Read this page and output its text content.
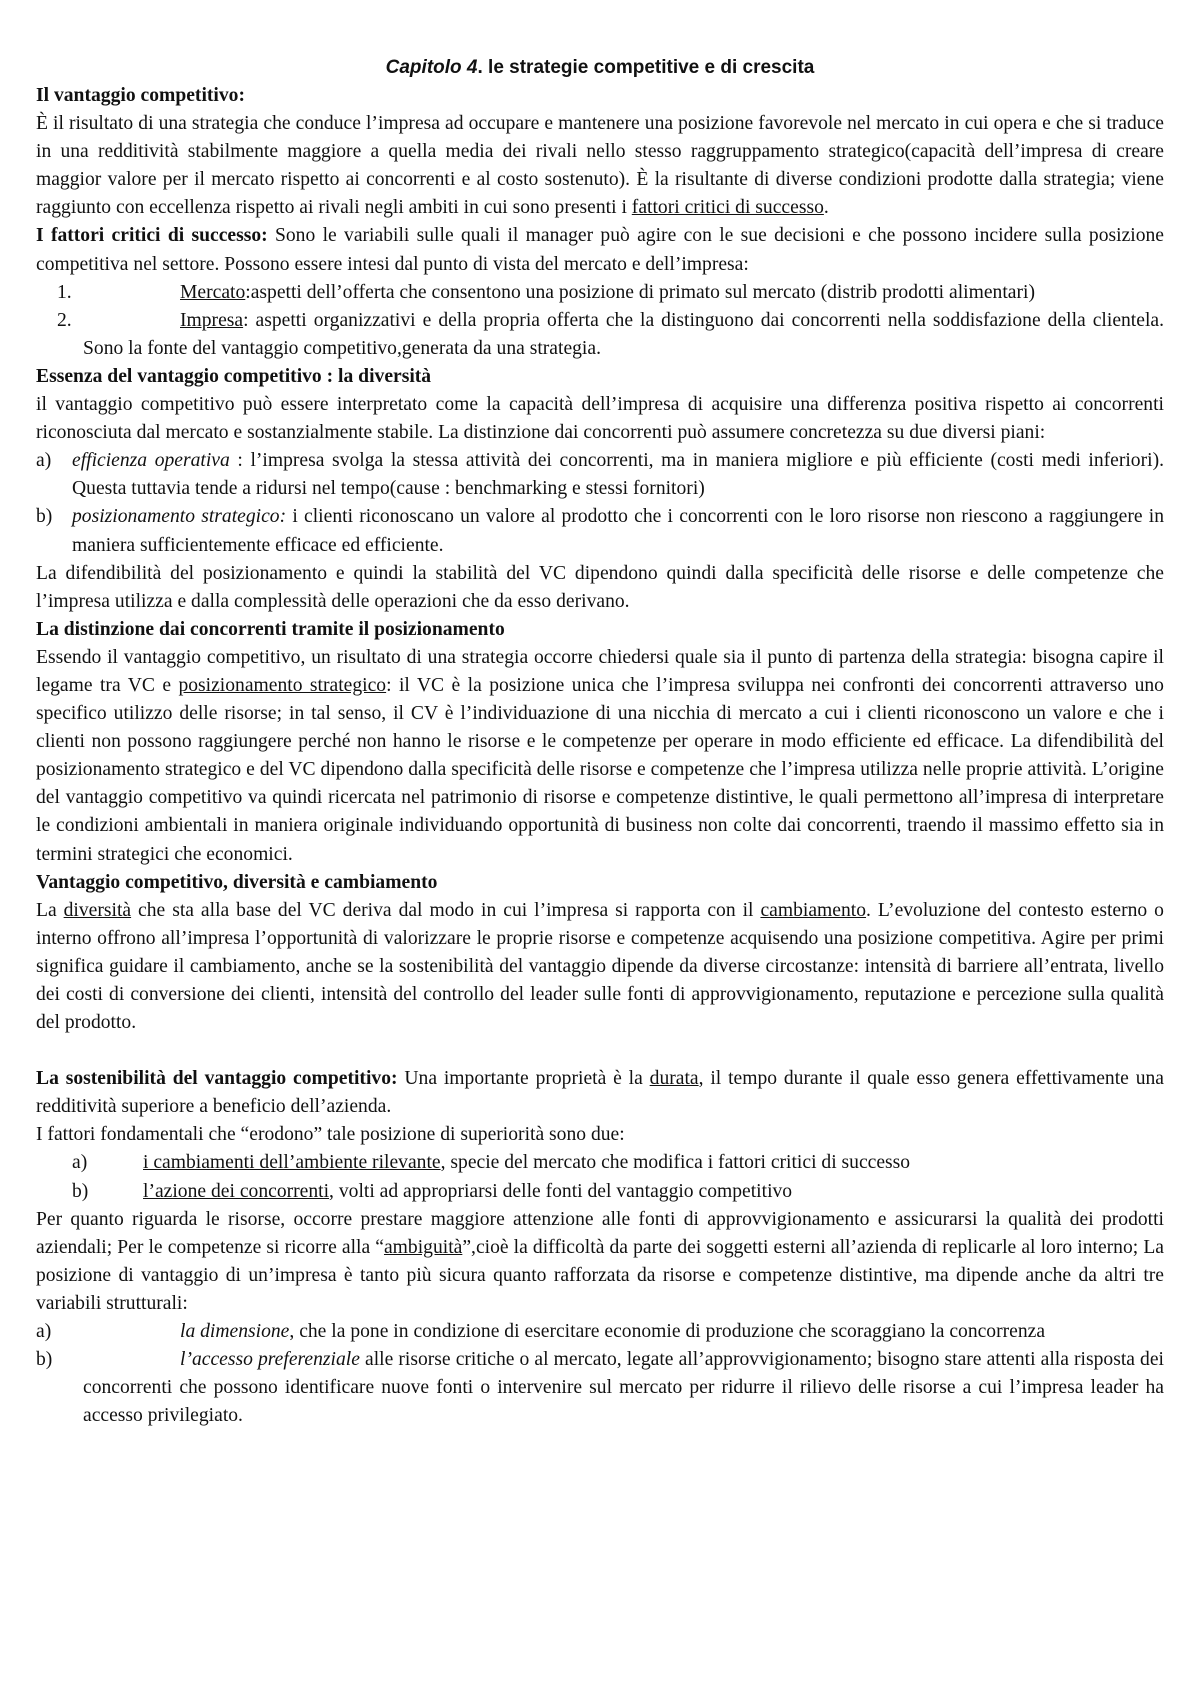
Capitolo 4. le strategie competitive e di crescita

Il vantaggio competitivo:

È il risultato di una strategia che conduce l’impresa ad occupare e mantenere una posizione favorevole nel mercato in cui opera e che si traduce in una redditività stabilmente maggiore a quella media dei rivali nello stesso raggruppamento strategico(capacità dell’impresa di creare maggior valore per il mercato rispetto ai concorrenti e al costo sostenuto). È la risultante di diverse condizioni prodotte dalla strategia; viene raggiunto con eccellenza rispetto ai rivali negli ambiti in cui sono presenti i fattori critici di successo.

I fattori critici di successo: Sono le variabili sulle quali il manager può agire con le sue decisioni e che possono incidere sulla posizione competitiva nel settore. Possono essere intesi dal punto di vista del mercato e dell’impresa:

1.	Mercato:aspetti dell’offerta che consentono una posizione di primato sul mercato (distrib prodotti alimentari)
2.	Impresa: aspetti organizzativi e della propria offerta che la distinguono dai concorrenti nella soddisfazione della clientela. Sono la fonte del vantaggio competitivo,generata da una strategia.
Essenza del vantaggio competitivo : la diversità

il vantaggio competitivo può essere interpretato come la capacità dell’impresa di acquisire una differenza positiva rispetto ai concorrenti riconosciuta dal mercato e sostanzialmente stabile. La distinzione dai concorrenti può assumere concretezza su due diversi piani:

a) efficienza operativa : l’impresa svolga la stessa attività dei concorrenti, ma in maniera migliore e più efficiente (costi medi inferiori). Questa tuttavia tende a ridursi nel tempo(cause : benchmarking e stessi fornitori)
b) posizionamento strategico: i clienti riconoscano un valore al prodotto che i concorrenti con le loro risorse non riescono a raggiungere in maniera sufficientemente efficace ed efficiente.

La difendibilità del posizionamento e quindi la stabilità del VC dipendono quindi dalla specificità delle risorse e delle competenze che l’impresa utilizza e dalla complessità delle operazioni che da esso derivano.

La distinzione dai concorrenti tramite il posizionamento

Essendo il vantaggio competitivo, un risultato di una strategia occorre chiedersi quale sia il punto di partenza della strategia: bisogna capire il legame tra VC e posizionamento strategico: il VC è la posizione unica che l’impresa sviluppa nei confronti dei concorrenti attraverso uno specifico utilizzo delle risorse; in tal senso, il CV è l’individuazione di una nicchia di mercato a cui i clienti riconoscono un valore e che i clienti non possono raggiungere perché non hanno le risorse e le competenze per operare in modo efficiente ed efficace. La difendibilità del posizionamento strategico e del VC dipendono dalla specificità delle risorse e competenze che l’impresa utilizza nelle proprie attività. L’origine del vantaggio competitivo va quindi ricercata nel patrimonio di risorse e competenze distintive, le quali permettono all’impresa di interpretare le condizioni ambientali in maniera originale individuando opportunità di business non colte dai concorrenti, traendo il massimo effetto sia in termini strategici che economici.

Vantaggio competitivo, diversità e cambiamento

La diversità che sta alla base del VC deriva dal modo in cui l’impresa si rapporta con il cambiamento. L’evoluzione del contesto esterno o interno offrono all’impresa l’opportunità di valorizzare le proprie risorse e competenze acquisendo una posizione competitiva. Agire per primi significa guidare il cambiamento, anche se la sostenibilità del vantaggio dipende da diverse circostanze: intensità di barriere all’entrata, livello dei costi di conversione dei clienti, intensità del controllo del leader sulle fonti di approvvigionamento, reputazione e percezione sulla qualità del prodotto.

La sostenibilità del vantaggio competitivo: Una importante proprietà è la durata, il tempo durante il quale esso genera effettivamente una redditività superiore a beneficio dell’azienda.

I fattori fondamentali che “erodono” tale posizione di superiorità sono due:

a)	i cambiamenti dell’ambiente rilevante, specie del mercato che modifica i fattori critici di successo
b)	l’azione dei concorrenti, volti ad appropriarsi delle fonti del vantaggio competitivo

Per quanto riguarda le risorse, occorre prestare maggiore attenzione alle fonti di approvvigionamento e assicurarsi la qualità dei prodotti aziendali; Per le competenze si ricorre alla “ambiguità”,cioè la difficoltà da parte dei soggetti esterni all’azienda di replicarle al loro interno; La posizione di vantaggio di un’impresa è tanto più sicura quanto rafforzata da risorse e competenze distintive, ma dipende anche da altri tre variabili strutturali:

a)	la dimensione, che la pone in condizione di esercitare economie di produzione che scoraggiano la concorrenza
b)	l’accesso preferenziale alle risorse critiche o al mercato, legate all’approvvigionamento; bisogno stare attenti alla risposta dei concorrenti che possono identificare nuove fonti o intervenire sul mercato per ridurre il rilievo delle risorse a cui l’impresa leader ha accesso privilegiato.
